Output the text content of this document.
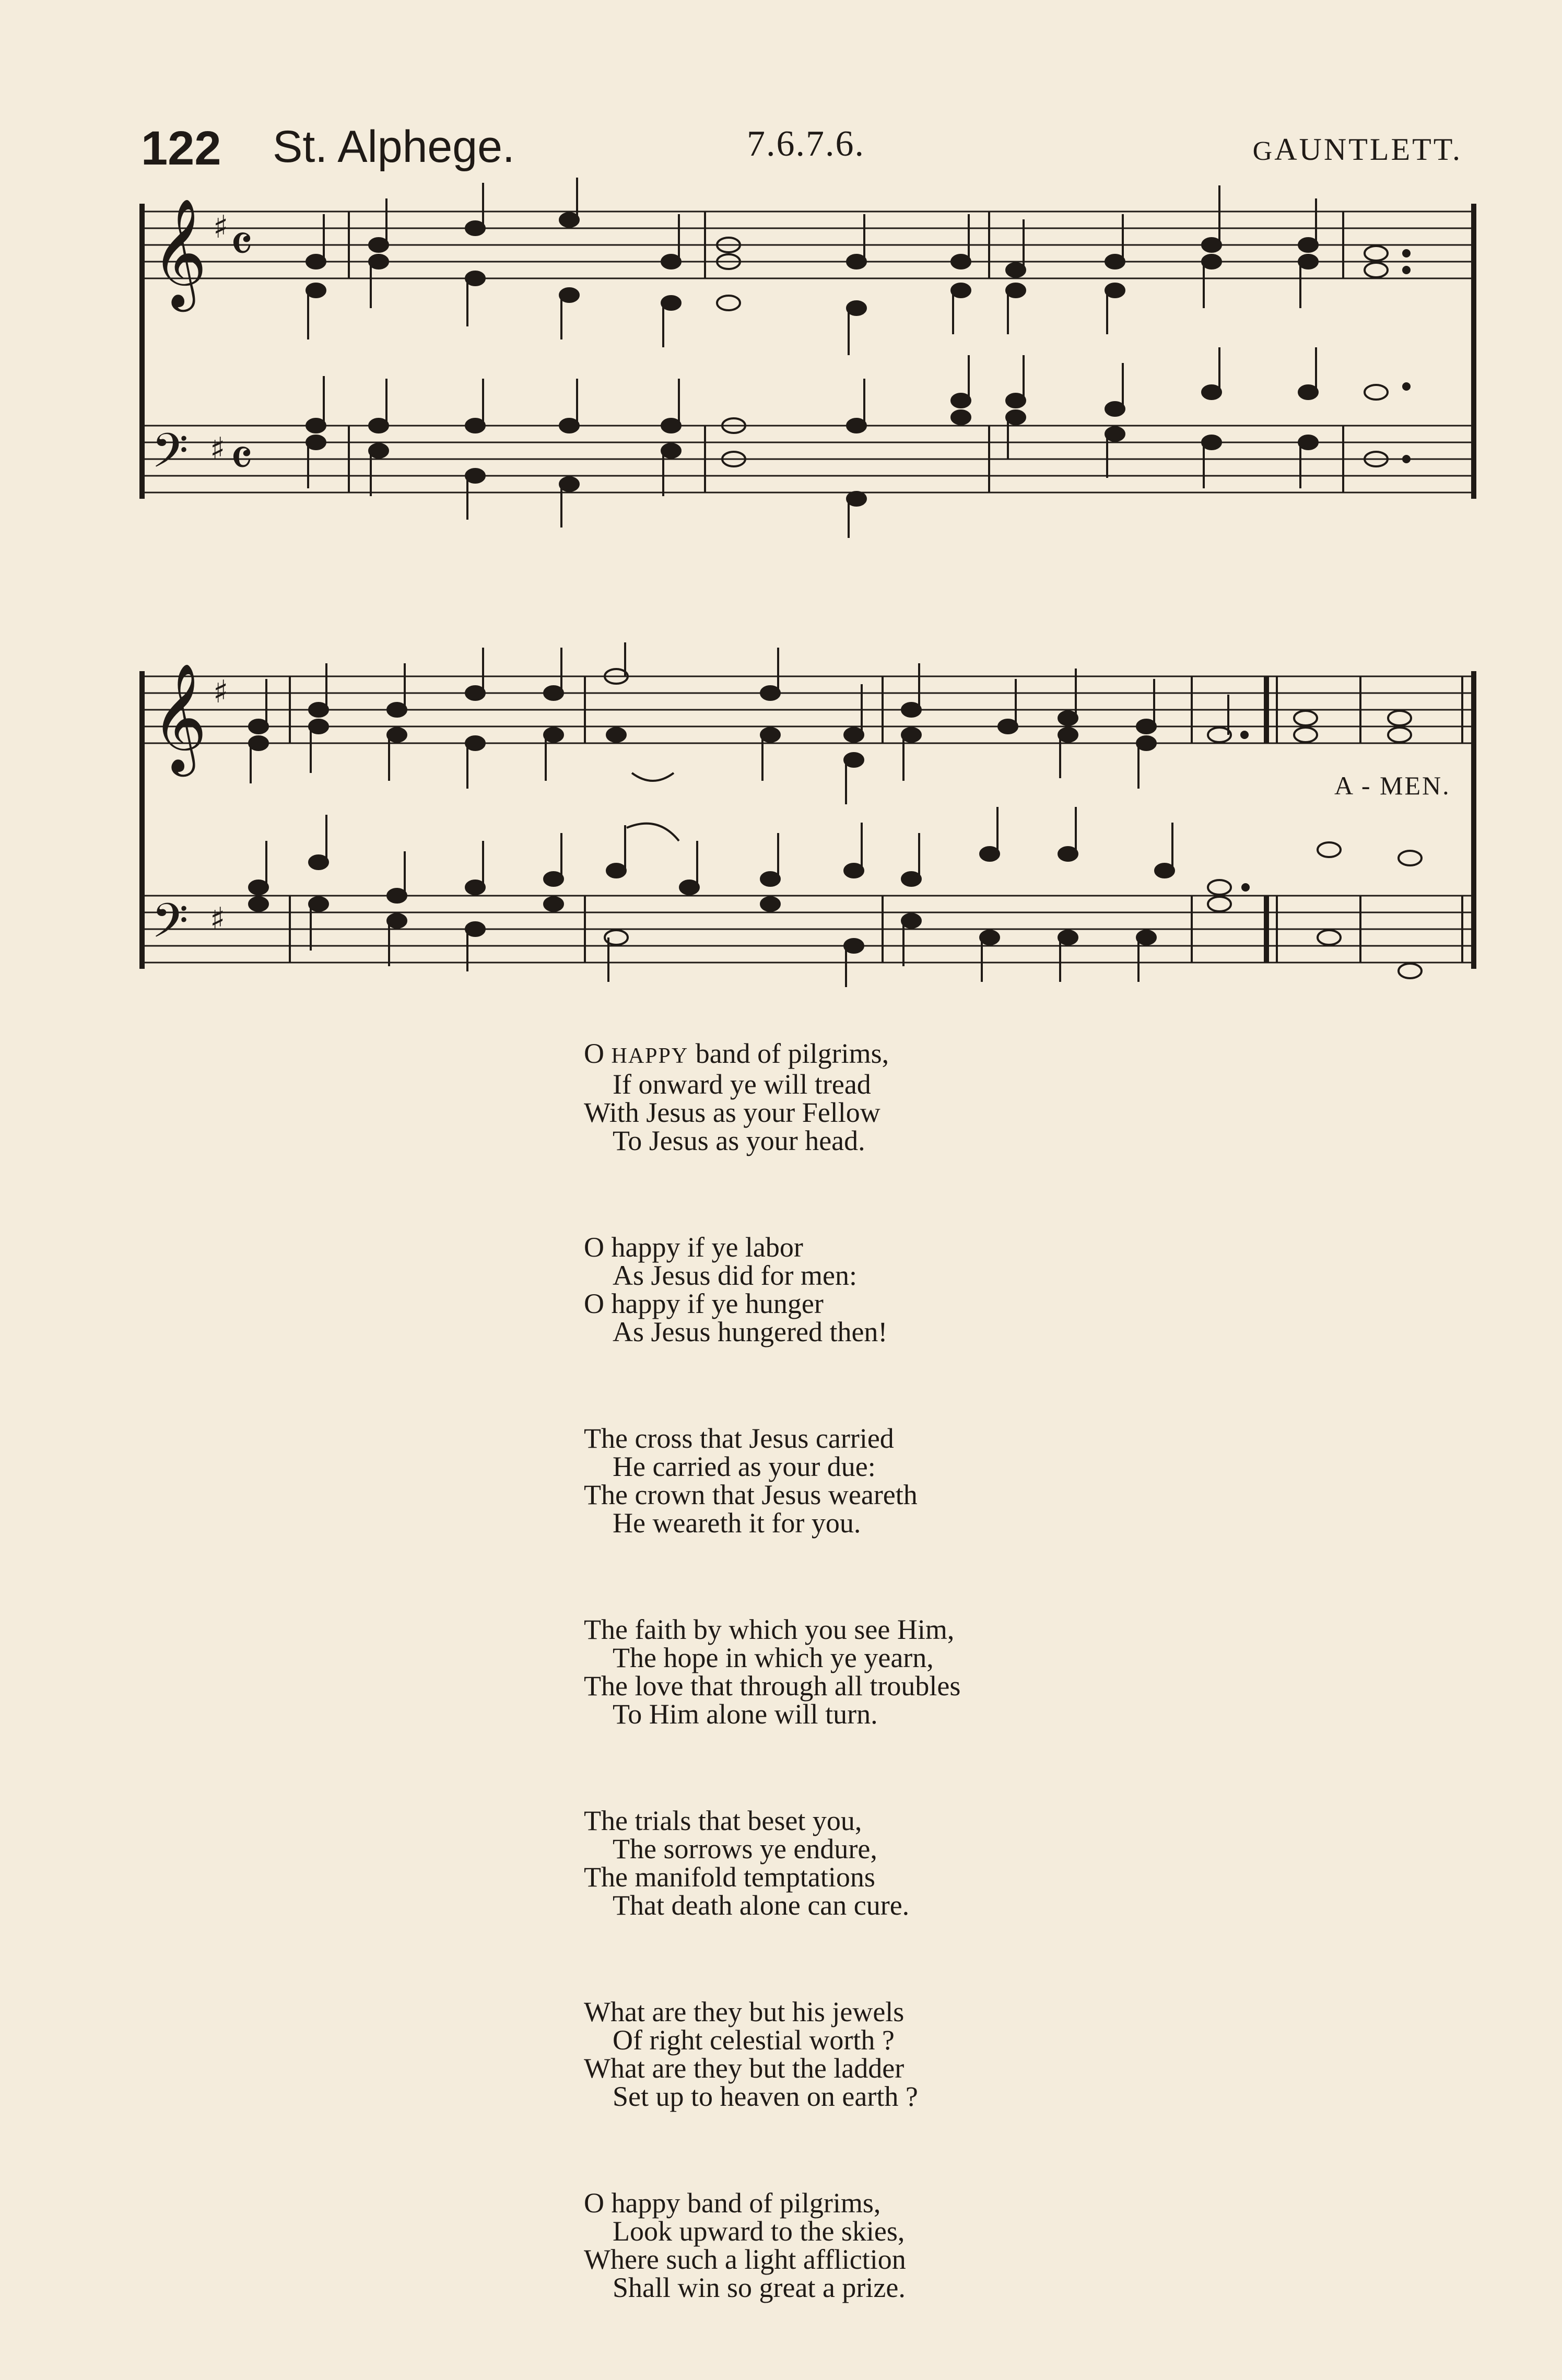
122 St. Alphege.	7.6.7.6.	GAUNTLETT.
𝄞 ♯ 𝄴
𝄢 ♯ 𝄴
𝄞 ♯
𝄢 ♯
A - MEN.
O HAPPY band of pilgrims,
If onward ye will tread
With Jesus as your Fellow
To Jesus as your head.
O happy if ye labor
As Jesus did for men:
O happy if ye hunger
As Jesus hungered then!
The cross that Jesus carried
He carried as your due:
The crown that Jesus weareth
He weareth it for you.
The faith by which you see Him,
The hope in which ye yearn,
The love that through all troubles
To Him alone will turn.
The trials that beset you,
The sorrows ye endure,
The manifold temptations
That death alone can cure.
What are they but his jewels
Of right celestial worth ?
What are they but the ladder
Set up to heaven on earth ?
O happy band of pilgrims,
Look upward to the skies,
Where such a light affliction
Shall win so great a prize.
